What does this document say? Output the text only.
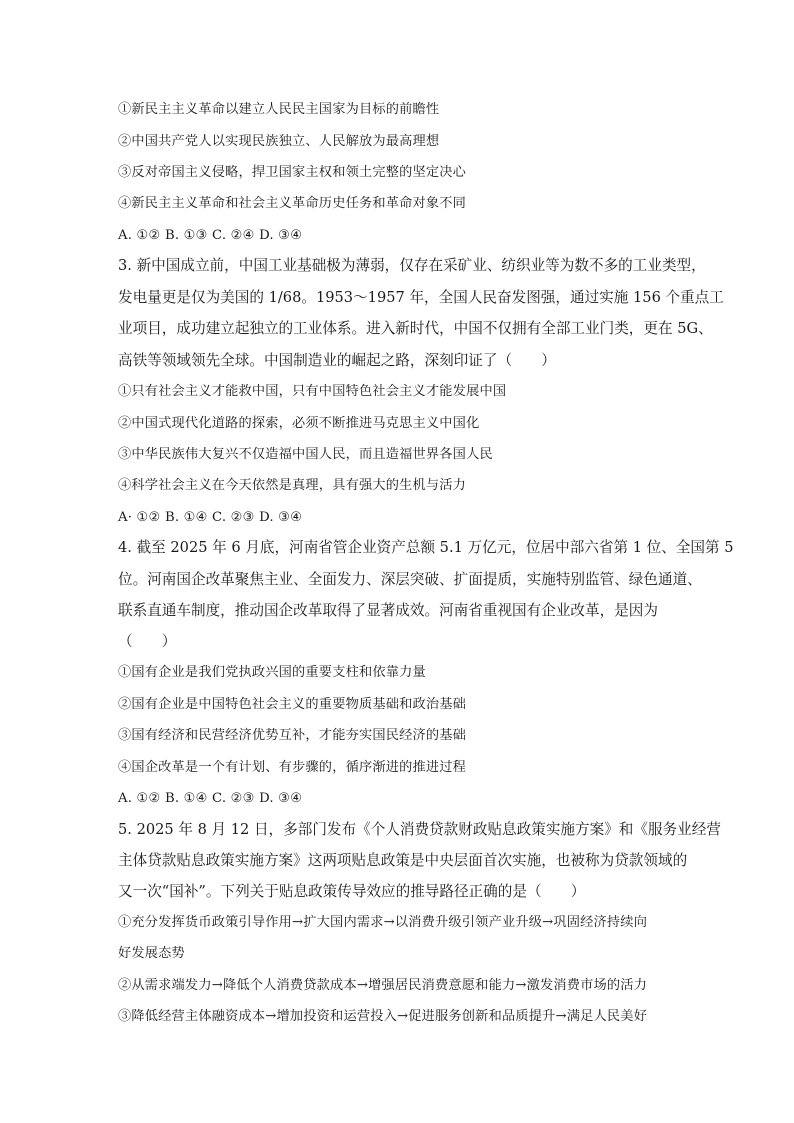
①新民主主义革命以建立人民民主国家为目标的前瞻性
②中国共产党人以实现民族独立、人民解放为最高理想
③反对帝国主义侵略，捍卫国家主权和领土完整的坚定决心
④新民主主义革命和社会主义革命历史任务和革命对象不同
A. ①② B. ①③ C. ②④ D. ③④
3. 新中国成立前，中国工业基础极为薄弱，仅存在采矿业、纺织业等为数不多的工业类型，
发电量更是仅为美国的 1/68。1953～1957 年，全国人民奋发图强，通过实施 156 个重点工
业项目，成功建立起独立的工业体系。进入新时代，中国不仅拥有全部工业门类，更在 5G、
高铁等领域领先全球。中国制造业的崛起之路，深刻印证了（　　）
①只有社会主义才能救中国，只有中国特色社会主义才能发展中国
②中国式现代化道路的探索，必须不断推进马克思主义中国化
③中华民族伟大复兴不仅造福中国人民，而且造福世界各国人民
④科学社会主义在今天依然是真理，具有强大的生机与活力
A· ①② B. ①④ C. ②③ D. ③④
4. 截至 2025 年 6 月底，河南省管企业资产总额 5.1 万亿元，位居中部六省第 1 位、全国第 5
位。河南国企改革聚焦主业、全面发力、深层突破、扩面提质，实施特别监管、绿色通道、
联系直通车制度，推动国企改革取得了显著成效。河南省重视国有企业改革，是因为
（　　）
①国有企业是我们党执政兴国的重要支柱和依靠力量
②国有企业是中国特色社会主义的重要物质基础和政治基础
③国有经济和民营经济优势互补，才能夯实国民经济的基础
④国企改革是一个有计划、有步骤的，循序渐进的推进过程
A. ①② B. ①④ C. ②③ D. ③④
5. 2025 年 8 月 12 日，多部门发布《个人消费贷款财政贴息政策实施方案》和《服务业经营
主体贷款贴息政策实施方案》这两项贴息政策是中央层面首次实施，也被称为贷款领域的
又一次“国补”。下列关于贴息政策传导效应的推导路径正确的是（　　）
①充分发挥货币政策引导作用→扩大国内需求→以消费升级引领产业升级→巩固经济持续向
好发展态势
②从需求端发力→降低个人消费贷款成本→增强居民消费意愿和能力→激发消费市场的活力
③降低经营主体融资成本→增加投资和运营投入→促进服务创新和品质提升→满足人民美好
